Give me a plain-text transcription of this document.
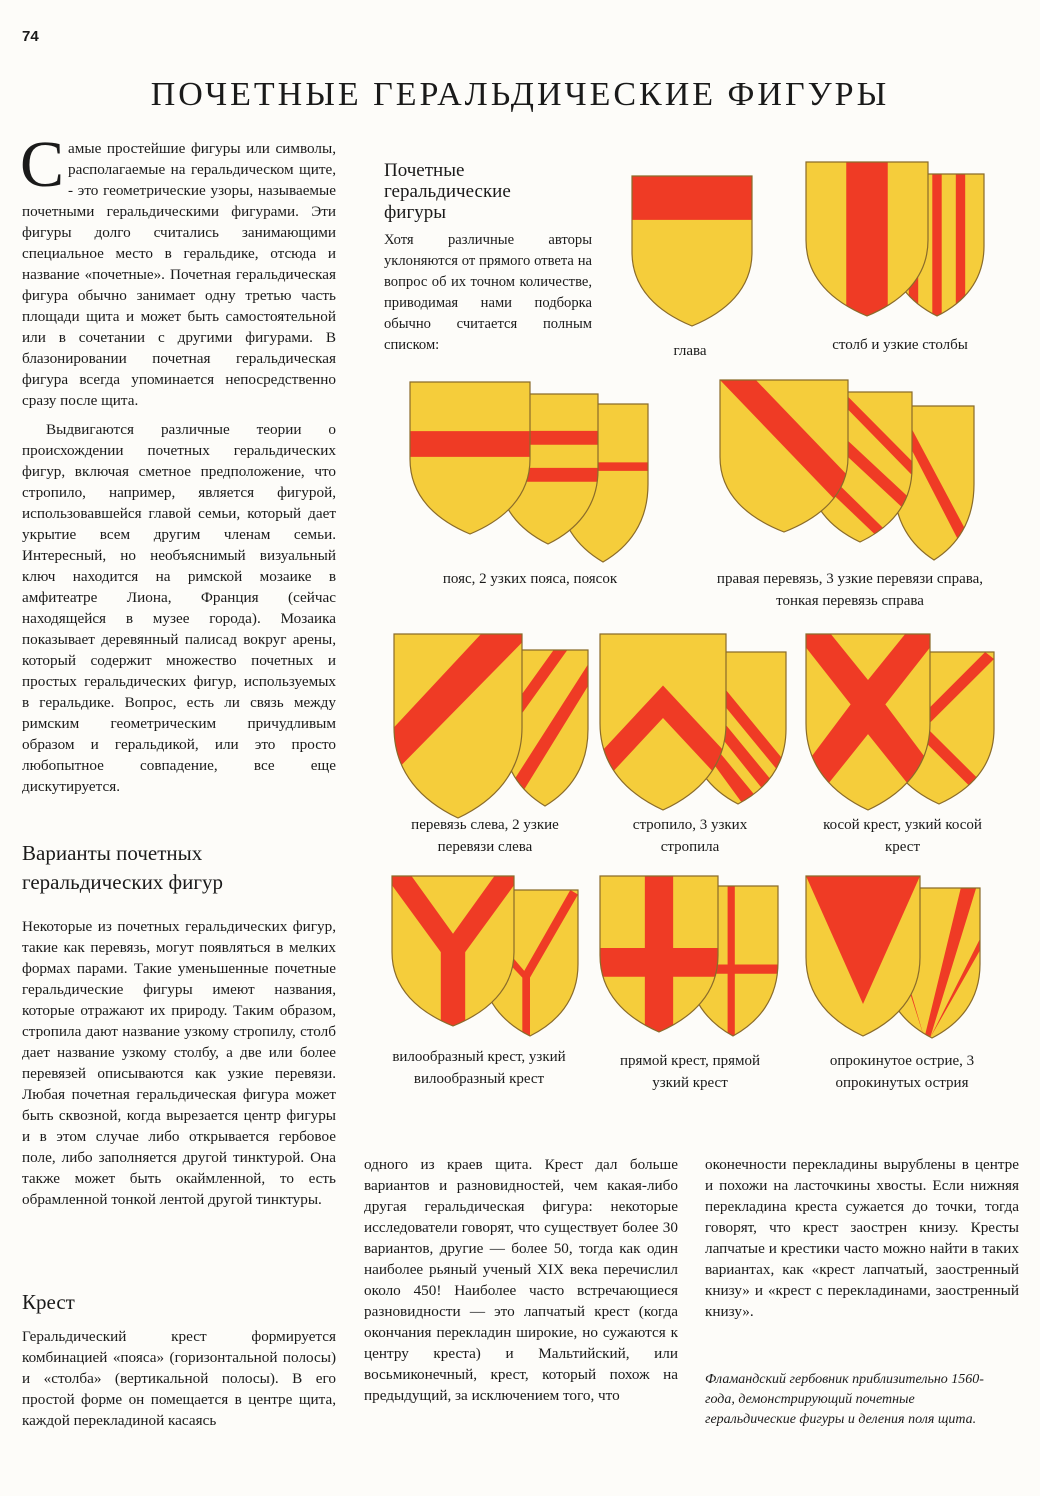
74
ПОЧЕТНЫЕ ГЕРАЛЬДИЧЕСКИЕ ФИГУРЫ

Самые простейшие фигуры или символы, располагаемые на геральдическом щите, - это геометрические узоры, называемые почетными геральдическими фигурами. Эти фигуры долго считались занимающими специальное место в геральдике, отсюда и название «почетные». Почетная геральдическая фигура обычно занимает одну третью часть площади щита и может быть самостоятельной или в сочетании с другими фигурами. В блазонировании почетная геральдическая фигура всегда упоминается непосредственно сразу после щита.

Выдвигаются различные теории о происхождении почетных геральдических фигур, включая сметное предположение, что стропило, например, является фигурой, использовавшейся главой семьи, который дает укрытие всем другим членам семьи. Интересный, но необъяснимый визуальный ключ находится на римской мозаике в амфитеатре Лиона, Франция (сейчас находящейся в музее города). Мозаика показывает деревянный палисад вокруг арены, который содержит множество почетных и простых геральдических фигур, используемых в геральдике. Вопрос, есть ли связь между римским геометрическим причудливым образом и геральдикой, или это просто любопытное совпадение, все еще дискутируется.

Варианты почетных геральдических фигур
Некоторые из почетных геральдических фигур, такие как перевязь, могут появляться в мелких формах парами. Такие уменьшенные почетные геральдические фигуры имеют названия, которые отражают их природу. Таким образом, стропила дают название узкому стропилу, столб дает название узкому столбу, а две или более перевязей описываются как узкие перевязи. Любая почетная геральдическая фигура может быть сквозной, когда вырезается центр фигуры и в этом случае либо открывается гербовое поле, либо заполняется другой тинктурой. Она также может быть окаймленной, то есть обрамленной тонкой лентой другой тинктуры.
Крест
Геральдический крест формируется комбинацией «пояса» (горизонтальной полосы) и «столба» (вертикальной полосы). В его простой форме он помещается в центре щита, каждой перекладиной касаясь
одного из краев щита. Крест дал больше вариантов и разновидностей, чем какая-либо другая геральдическая фигура: некоторые исследователи говорят, что существует более 30 вариантов, другие — более 50, тогда как один наиболее рьяный ученый XIX века перечислил около 450! Наиболее часто встречающиеся разновидности — это лапчатый крест (когда окончания перекладин широкие, но сужаются к центру креста) и Мальтийский, или восьмиконечный, крест, который похож на предыдущий, за исключением того, что
оконечности перекладины вырублены в центре и похожи на ласточкины хвосты. Если нижняя перекладина креста сужается до точки, тогда говорят, что крест заострен книзу. Кресты лапчатые и крестики часто можно найти в таких вариантах, как «крест лапчатый, заостренный книзу» и «крест с перекладинами, заостренный книзу».
Фламандский гербовник приблизительно 1560-года, демонстрирующий почетные геральдические фигуры и деления поля щита.
Почетные геральдические фигуры
Хотя различные авторы уклоняются от прямого ответа на вопрос об их точном количестве, приводимая нами подборка обычно считается полным списком:	глава	столб и узкие столбы
пояс, 2 узких пояса, поясок	правая перевязь, 3 узкие перевязи справа, тонкая перевязь справа
перевязь слева, 2 узкие перевязи слева
стропило, 3 узких стропила
косой крест, узкий косой крест
вилообразный крест, узкий вилообразный крест
прямой крест, прямой узкий крест
опрокинутое острие, 3 опрокинутых острия
